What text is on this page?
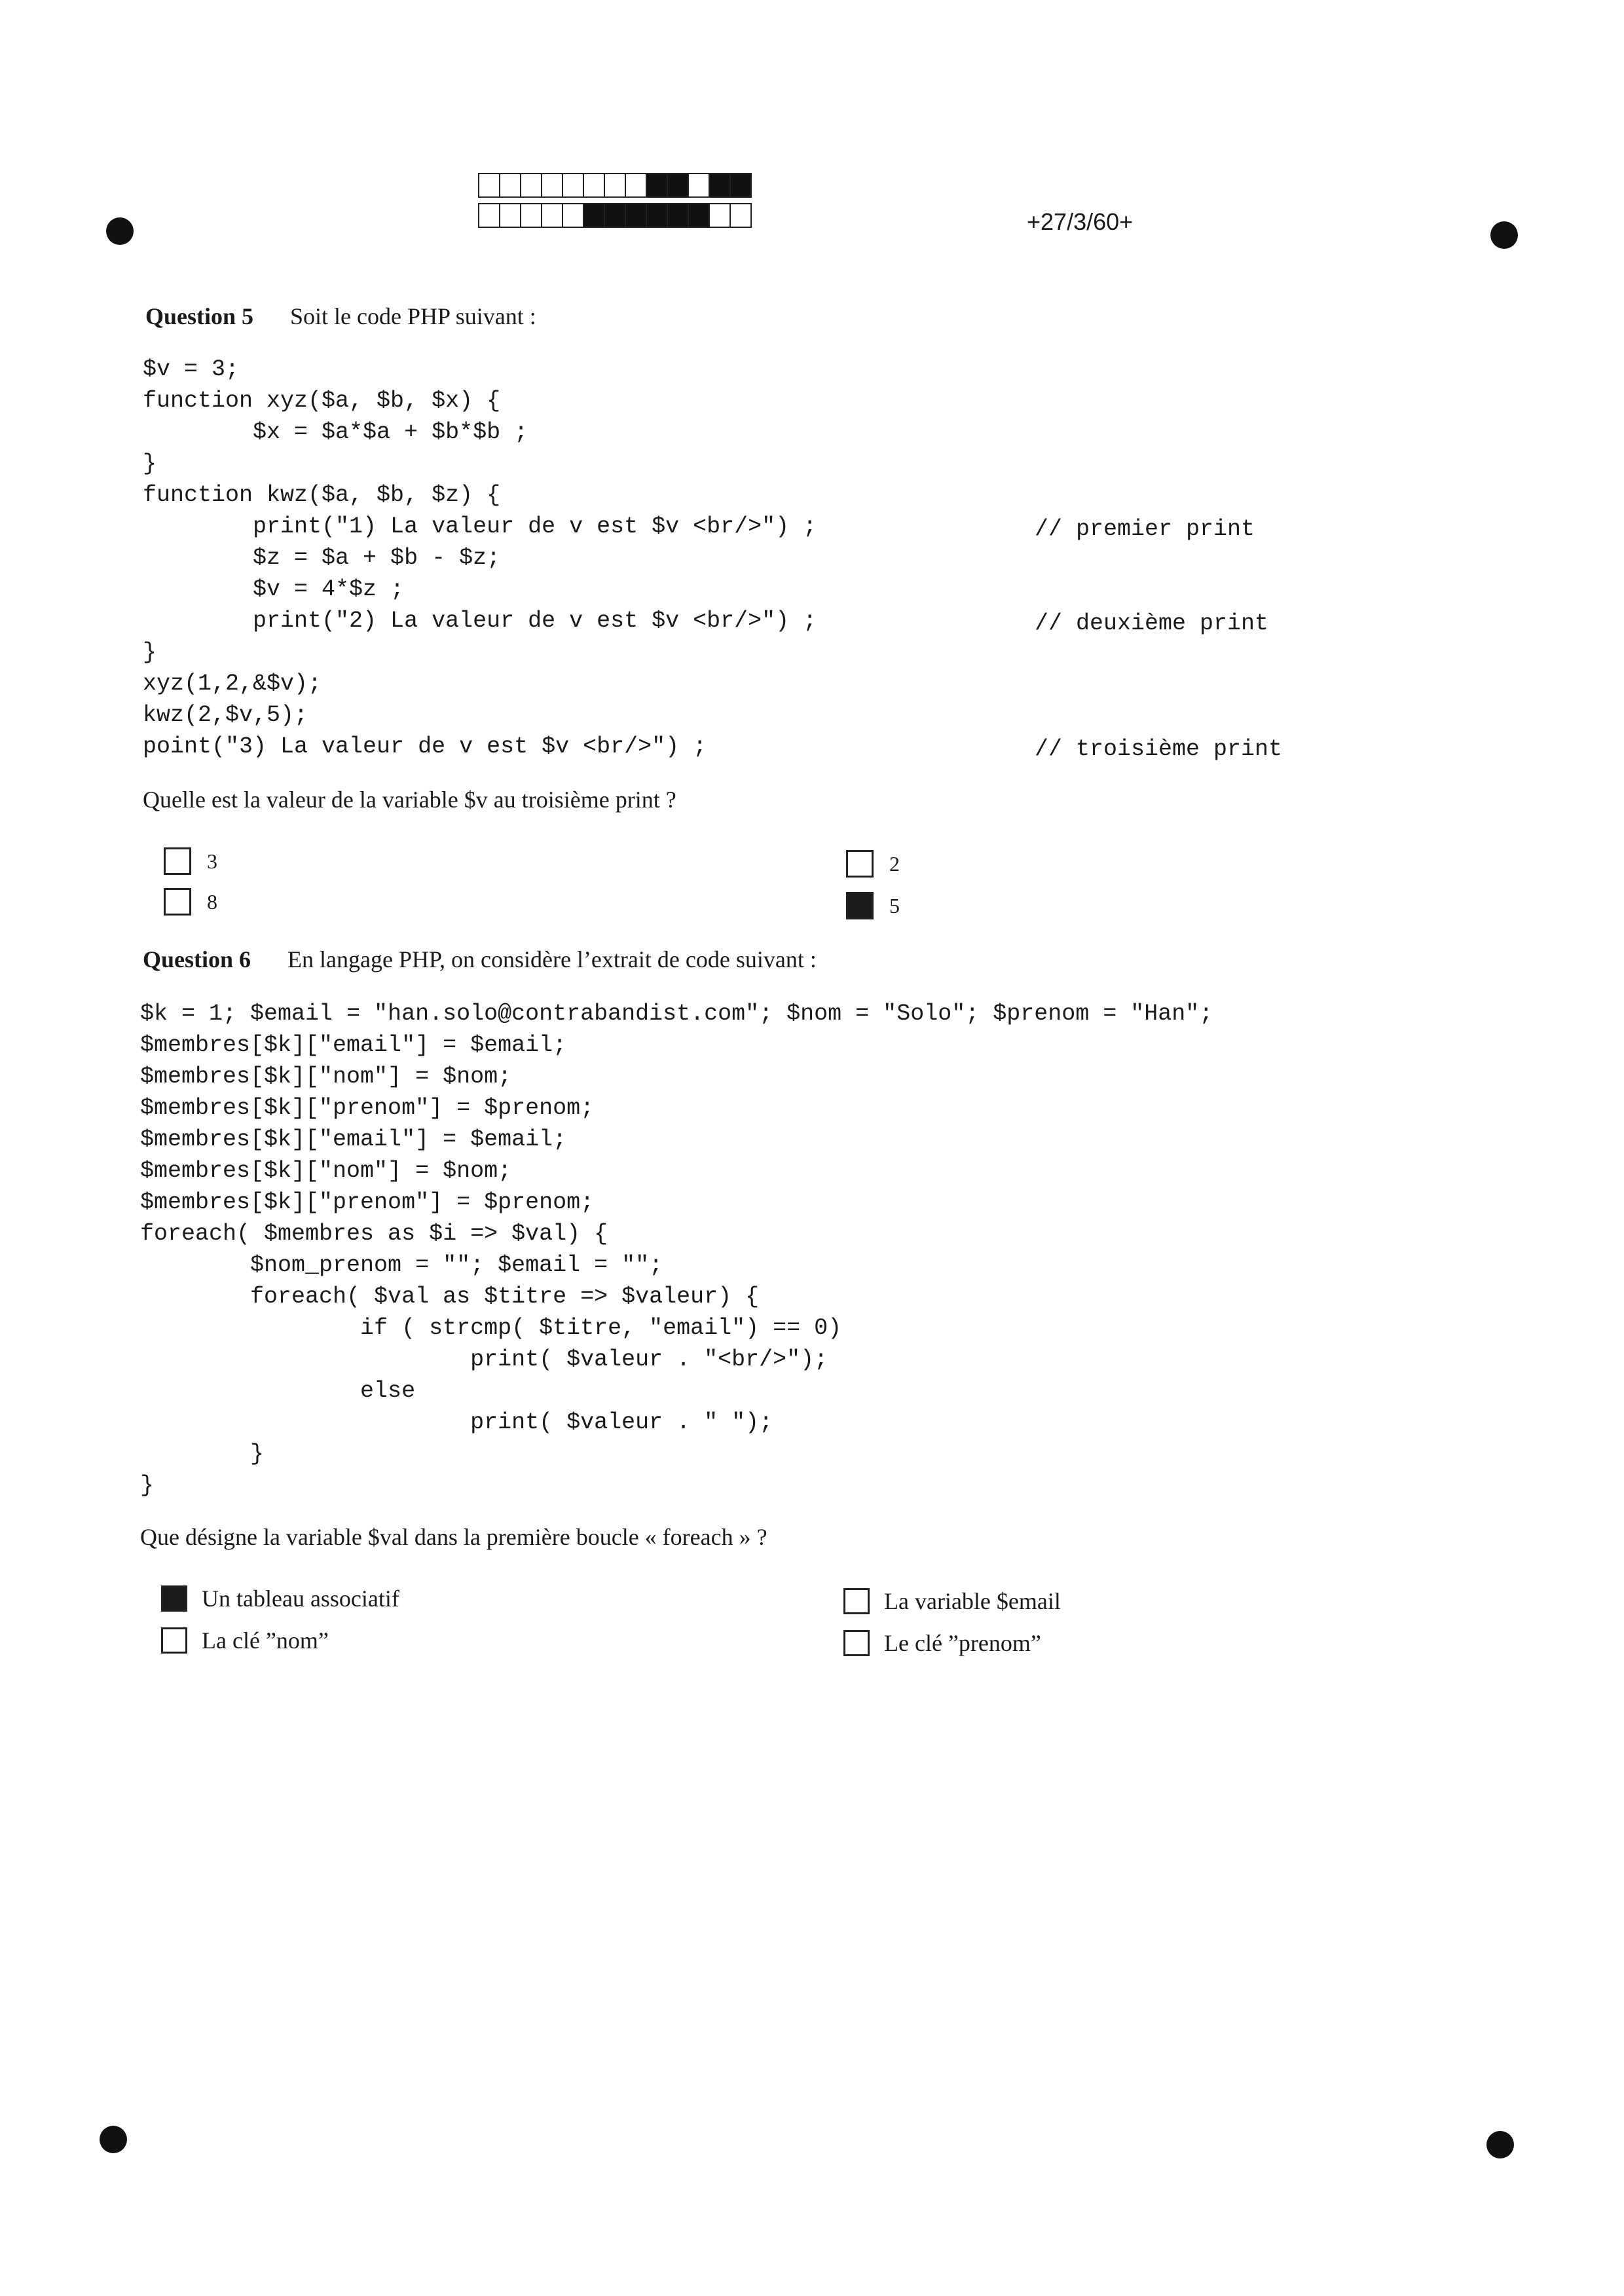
+27/3/60+
Question 5 Soit le code PHP suivant :
$v = 3;
function xyz($a, $b, $x) {
$x = $a*$a + $b*$b ;
}
function kwz($a, $b, $z) {
print("1) La valeur de v est $v <br/>") ;
$z = $a + $b - $z;
$v = 4*$z ;
print("2) La valeur de v est $v <br/>") ;
}
xyz(1,2,&$v);
kwz(2,$v,5);
point("3) La valeur de v est $v <br/>") ;
// premier print
// deuxième print
// troisième print
Quelle est la valeur de la variable $v au troisième print ?
3
8
2
5
Question 6 En langage PHP, on considère l’extrait de code suivant :
$k = 1; $email = "han.solo@contrabandist.com"; $nom = "Solo"; $prenom = "Han";
$membres[$k]["email"] = $email;
$membres[$k]["nom"] = $nom;
$membres[$k]["prenom"] = $prenom;
$membres[$k]["email"] = $email;
$membres[$k]["nom"] = $nom;
$membres[$k]["prenom"] = $prenom;
foreach( $membres as $i => $val) {
$nom_prenom = ""; $email = "";
foreach( $val as $titre => $valeur) {
if ( strcmp( $titre, "email") == 0)
print( $valeur . "<br/>");
else
print( $valeur . " ");
}
}
Que désigne la variable $val dans la première boucle « foreach » ?
Un tableau associatif
La clé ”nom”
La variable $email
Le clé ”prenom”
